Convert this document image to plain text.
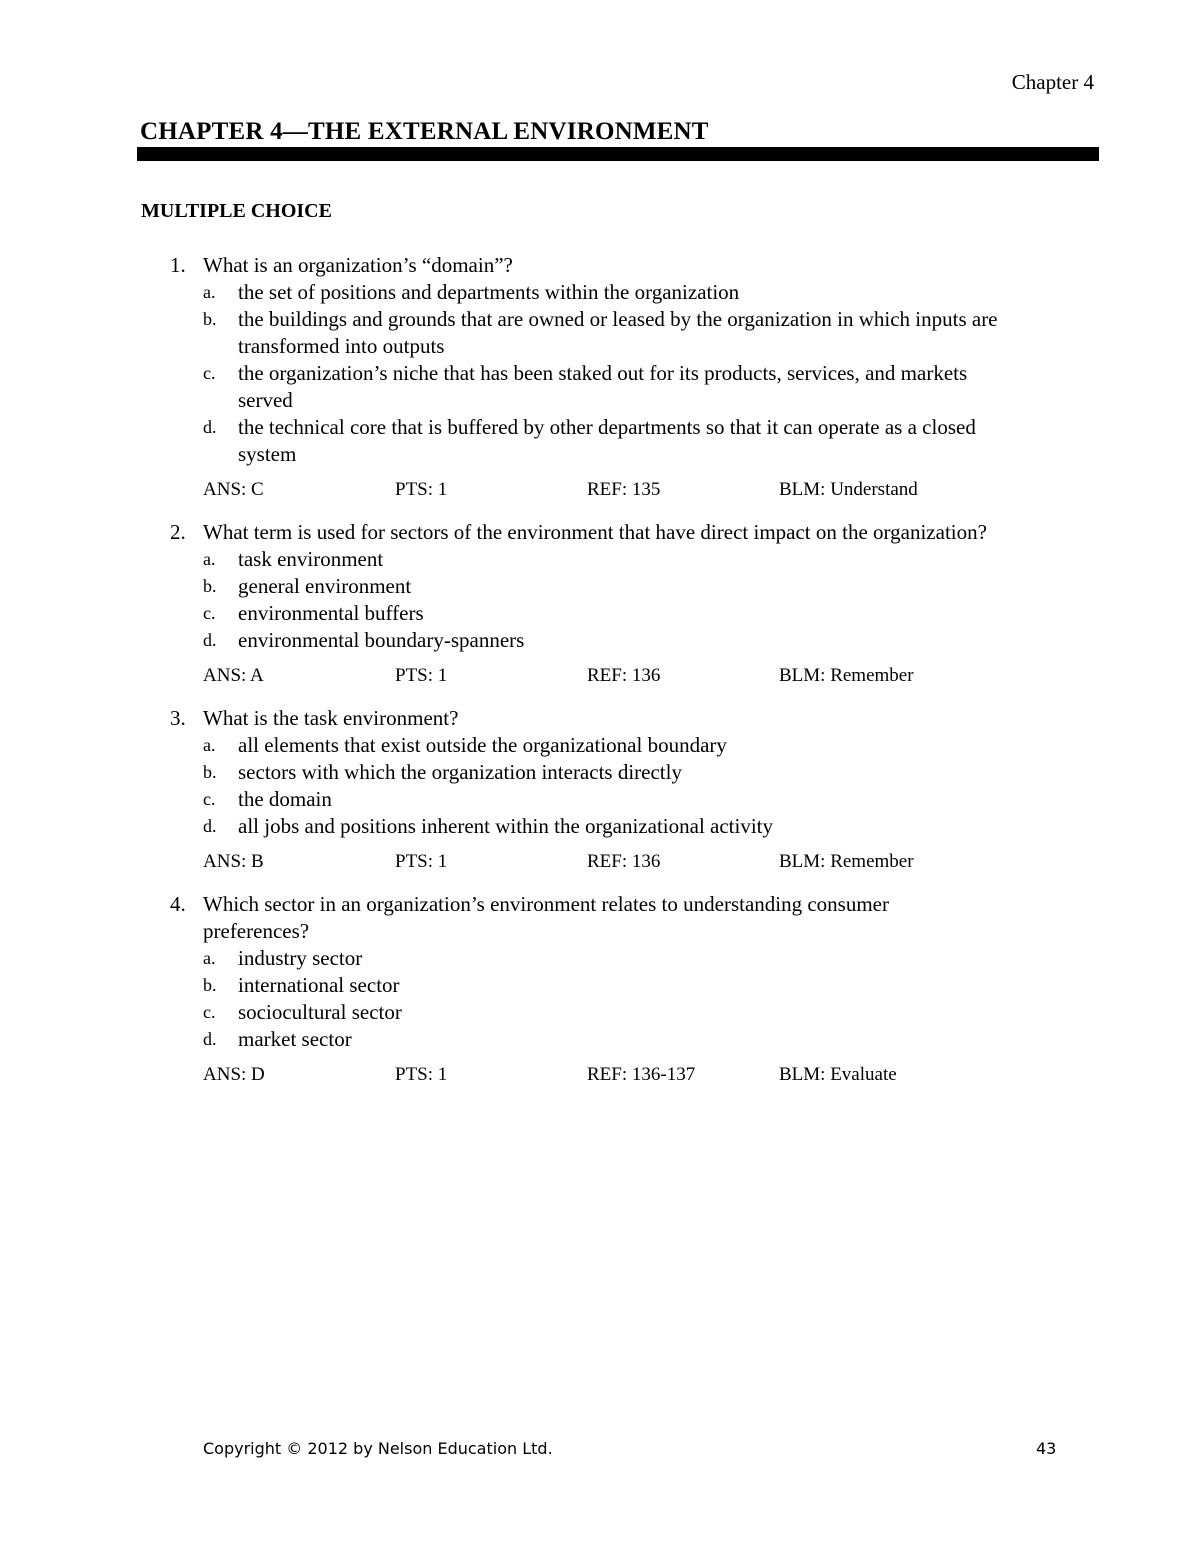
Chapter 4
CHAPTER 4—THE EXTERNAL ENVIRONMENT
MULTIPLE CHOICE
1. What is an organization’s “domain”?
a.	the set of positions and departments within the organization
b.	the buildings and grounds that are owned or leased by the organization in which inputs are transformed into outputs
c.	the organization’s niche that has been staked out for its products, services, and markets served
d.	the technical core that is buffered by other departments so that it can operate as a closed system
ANS: C	PTS: 1	REF: 135	BLM: Understand
2. What term is used for sectors of the environment that have direct impact on the organization?
a.	task environment
b.	general environment
c.	environmental buffers
d.	environmental boundary-spanners
ANS: A	PTS: 1	REF: 136	BLM: Remember
3. What is the task environment?
a.	all elements that exist outside the organizational boundary
b.	sectors with which the organization interacts directly
c.	the domain
d.	all jobs and positions inherent within the organizational activity
ANS: B	PTS: 1	REF: 136	BLM: Remember
4. Which sector in an organization’s environment relates to understanding consumer preferences?
a.	industry sector
b.	international sector
c.	sociocultural sector
d.	market sector
ANS: D	PTS: 1	REF: 136-137	BLM: Evaluate
Copyright © 2012 by Nelson Education Ltd.	43
